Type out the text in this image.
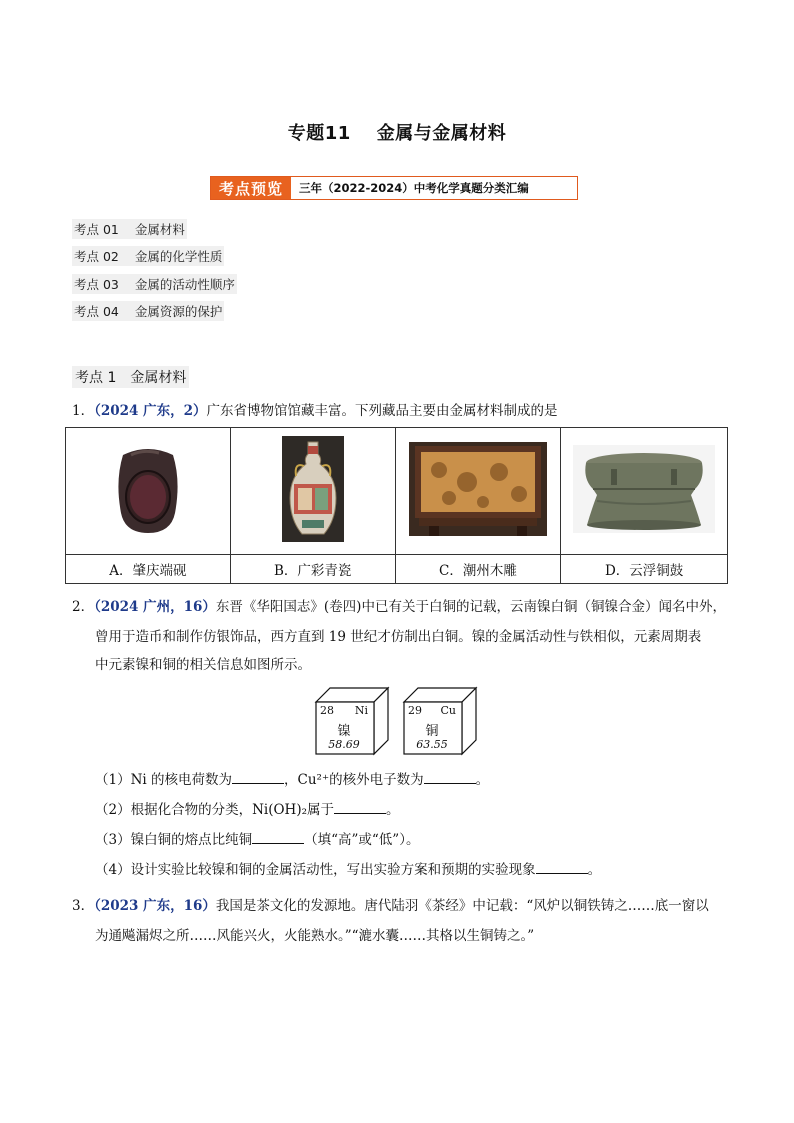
专题11 金属与金属材料
考点预览	三年（2022-2024）中考化学真题分类汇编
考点 01 金属材料
考点 02 金属的化学性质
考点 03 金属的活动性顺序
考点 04 金属资源的保护
考点 1 金属材料
1．（2024 广东，2）广东省博物馆馆藏丰富。下列藏品主要由金属材料制成的是

A．肇庆端砚	B．广彩青瓷	C．潮州木雕	D．云浮铜鼓
2．（2024 广州，16）东晋《华阳国志》(卷四)中已有关于白铜的记载，云南镍白铜（铜镍合金）闻名中外，
曾用于造币和制作仿银饰品，西方直到 19 世纪才仿制出白铜。镍的金属活动性与铁相似，元素周期表
中元素镍和铜的相关信息如图所示。
28 Ni
镍
58.69
29 Cu
铜
63.55
（1）Ni 的核电荷数为	，Cu²⁺的核外电子数为	。
（2）根据化合物的分类，Ni(OH)₂属于	。
（3）镍白铜的熔点比纯铜	（填“高”或“低”）。
（4）设计实验比较镍和铜的金属活动性，写出实验方案和预期的实验现象	。
3．（2023 广东，16）我国是茶文化的发源地。唐代陆羽《茶经》中记载：“风炉以铜铁铸之……底一窗以
为通飚漏烬之所……风能兴火，火能熟水。”“漉水囊……其格以生铜铸之。”
